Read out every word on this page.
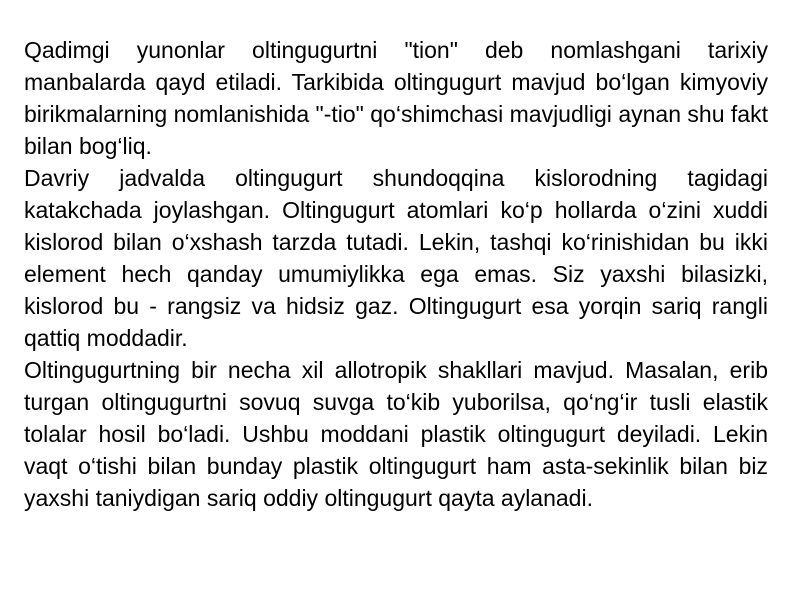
Qadimgi yunonlar oltingugurtni "tion" deb nomlashgani tarixiy manbalarda qayd etiladi. Tarkibida oltingugurt mavjud bo‘lgan kimyoviy birikmalarning nomlanishida "-tio" qo‘shimchasi mavjudligi aynan shu fakt bilan bog‘liq.

Davriy jadvalda oltingugurt shundoqqina kislorodning tagidagi katakchada joylashgan. Oltingugurt atomlari ko‘p hollarda o‘zini xuddi kislorod bilan o‘xshash tarzda tutadi. Lekin, tashqi ko‘rinishidan bu ikki element hech qanday umumiylikka ega emas. Siz yaxshi bilasizki, kislorod bu - rangsiz va hidsiz gaz. Oltingugurt esa yorqin sariq rangli qattiq moddadir.

Oltingugurtning bir necha xil allotropik shakllari mavjud. Masalan, erib turgan oltingugurtni sovuq suvga to‘kib yuborilsa, qo‘ng‘ir tusli elastik tolalar hosil bo‘ladi. Ushbu moddani plastik oltingugurt deyiladi. Lekin vaqt o‘tishi bilan bunday plastik oltingugurt ham asta-sekinlik bilan biz yaxshi taniydigan sariq oddiy oltingugurt qayta aylanadi.
